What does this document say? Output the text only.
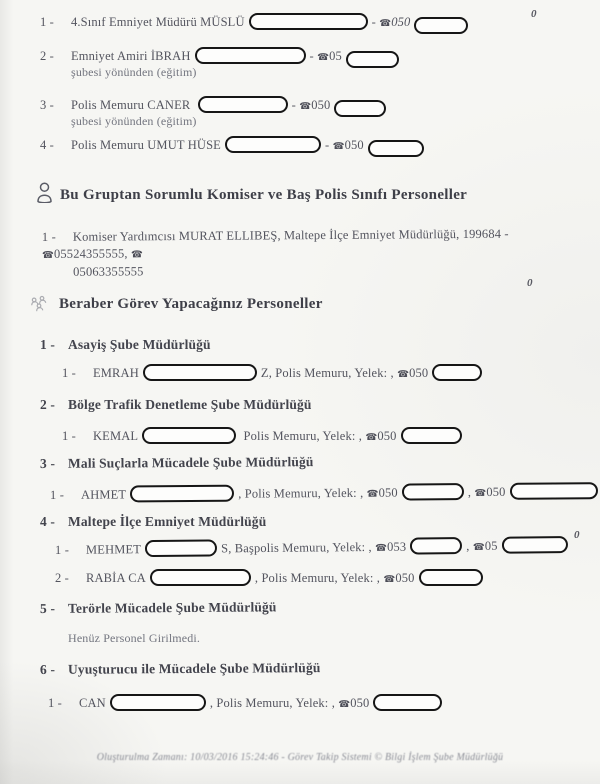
1 - 4.Sınıf Emniyet Müdürü MÜSLÜ	- ☎050
0
2 - Emniyet Amiri İBRAH	- ☎05
şubesi yönünden (eğitim)
3 - Polis Memuru CANER	- ☎050
şubesi yönünden (eğitim)
4 - Polis Memuru UMUT HÜSE	- ☎050
Bu Gruptan Sorumlu Komiser ve Baş Polis Sınıfı Personeller
1 - Komiser Yardımcısı MURAT ELLIBEŞ, Maltepe İlçe Emniyet Müdürlüğü, 199684 - ☎05524355555, ☎
05063355555
0
Beraber Görev Yapacağınız Personeller
1 - Asayiş Şube Müdürlüğü
1 - EMRAH	Z, Polis Memuru, Yelek: , ☎050
2 - Bölge Trafik Denetleme Şube Müdürlüğü
1 - KEMAL	Polis Memuru, Yelek: , ☎050
3 - Mali Suçlarla Mücadele Şube Müdürlüğü
1 - AHMET	, Polis Memuru, Yelek: , ☎050	, ☎050
4 - Maltepe İlçe Emniyet Müdürlüğü
0
1 - MEHMET	S, Başpolis Memuru, Yelek: , ☎053	, ☎05
2 - RABİA CA	, Polis Memuru, Yelek: , ☎050
5 - Terörle Mücadele Şube Müdürlüğü
Henüz Personel Girilmedi.
6 - Uyuşturucu ile Mücadele Şube Müdürlüğü
1 - CAN	, Polis Memuru, Yelek: , ☎050
Oluşturulma Zamanı: 10/03/2016 15:24:46 - Görev Takip Sistemi © Bilgi İşlem Şube Müdürlüğü
